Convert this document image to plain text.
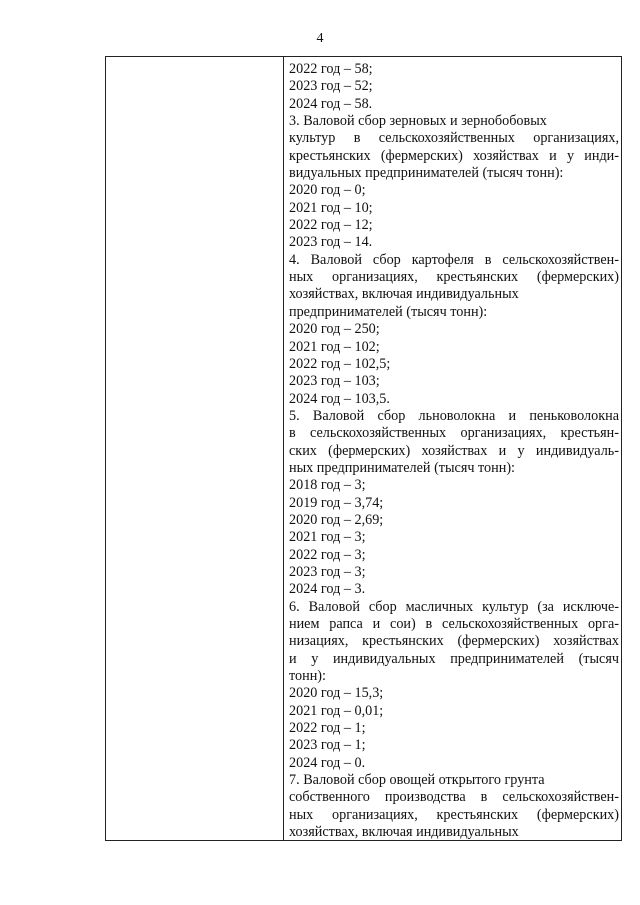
4
2022 год – 58;
2023 год – 52;
2024 год – 58.
3. Валовой сбор зерновых и зернобобовых
культур в сельскохозяйственных организациях,
крестьянских (фермерских) хозяйствах и у инди-
видуальных предпринимателей (тысяч тонн):
2020 год – 0;
2021 год – 10;
2022 год – 12;
2023 год – 14.
4. Валовой сбор картофеля в сельскохозяйствен-
ных организациях, крестьянских (фермерских)
хозяйствах, включая индивидуальных
предпринимателей (тысяч тонн):
2020 год – 250;
2021 год – 102;
2022 год – 102,5;
2023 год – 103;
2024 год – 103,5.
5. Валовой сбор льноволокна и пеньковолокна
в сельскохозяйственных организациях, крестьян-
ских (фермерских) хозяйствах и у индивидуаль-
ных предпринимателей (тысяч тонн):
2018 год – 3;
2019 год – 3,74;
2020 год – 2,69;
2021 год – 3;
2022 год – 3;
2023 год – 3;
2024 год – 3.
6. Валовой сбор масличных культур (за исключе-
нием рапса и сои) в сельскохозяйственных орга-
низациях, крестьянских (фермерских) хозяйствах
и у индивидуальных предпринимателей (тысяч
тонн):
2020 год – 15,3;
2021 год – 0,01;
2022 год – 1;
2023 год – 1;
2024 год – 0.
7. Валовой сбор овощей открытого грунта
собственного производства в сельскохозяйствен-
ных организациях, крестьянских (фермерских)
хозяйствах, включая индивидуальных
